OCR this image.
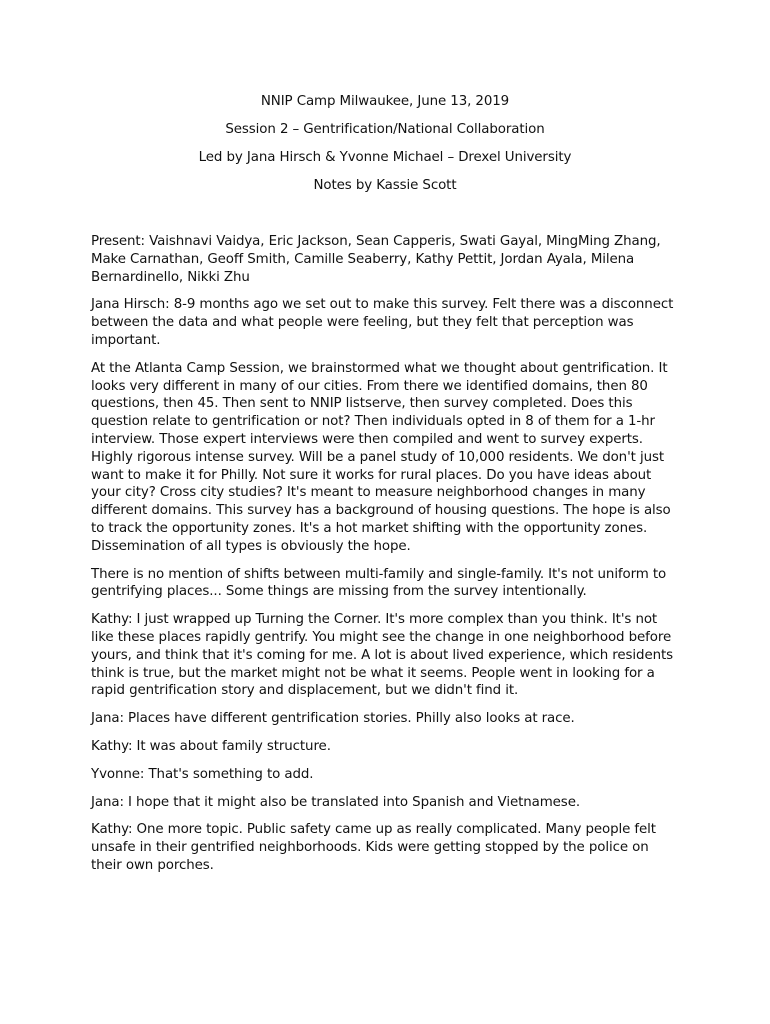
NNIP Camp Milwaukee, June 13, 2019
Session 2 – Gentrification/National Collaboration
Led by Jana Hirsch & Yvonne Michael – Drexel University
Notes by Kassie Scott

Present: Vaishnavi Vaidya, Eric Jackson, Sean Capperis, Swati Gayal, MingMing Zhang, Make Carnathan, Geoff Smith, Camille Seaberry, Kathy Pettit, Jordan Ayala, Milena Bernardinello, Nikki Zhu

Jana Hirsch: 8-9 months ago we set out to make this survey. Felt there was a disconnect between the data and what people were feeling, but they felt that perception was important.

At the Atlanta Camp Session, we brainstormed what we thought about gentrification. It looks very different in many of our cities. From there we identified domains, then 80 questions, then 45. Then sent to NNIP listserve, then survey completed. Does this question relate to gentrification or not? Then individuals opted in 8 of them for a 1-hr interview. Those expert interviews were then compiled and went to survey experts. Highly rigorous intense survey. Will be a panel study of 10,000 residents. We don't just want to make it for Philly. Not sure it works for rural places. Do you have ideas about your city? Cross city studies? It's meant to measure neighborhood changes in many different domains. This survey has a background of housing questions. The hope is also to track the opportunity zones. It's a hot market shifting with the opportunity zones. Dissemination of all types is obviously the hope.

There is no mention of shifts between multi-family and single-family. It's not uniform to gentrifying places... Some things are missing from the survey intentionally.

Kathy: I just wrapped up Turning the Corner. It's more complex than you think. It's not like these places rapidly gentrify. You might see the change in one neighborhood before yours, and think that it's coming for me. A lot is about lived experience, which residents think is true, but the market might not be what it seems. People went in looking for a rapid gentrification story and displacement, but we didn't find it.

Jana: Places have different gentrification stories. Philly also looks at race.

Kathy: It was about family structure.

Yvonne: That's something to add.

Jana: I hope that it might also be translated into Spanish and Vietnamese.

Kathy: One more topic. Public safety came up as really complicated. Many people felt unsafe in their gentrified neighborhoods. Kids were getting stopped by the police on their own porches.
